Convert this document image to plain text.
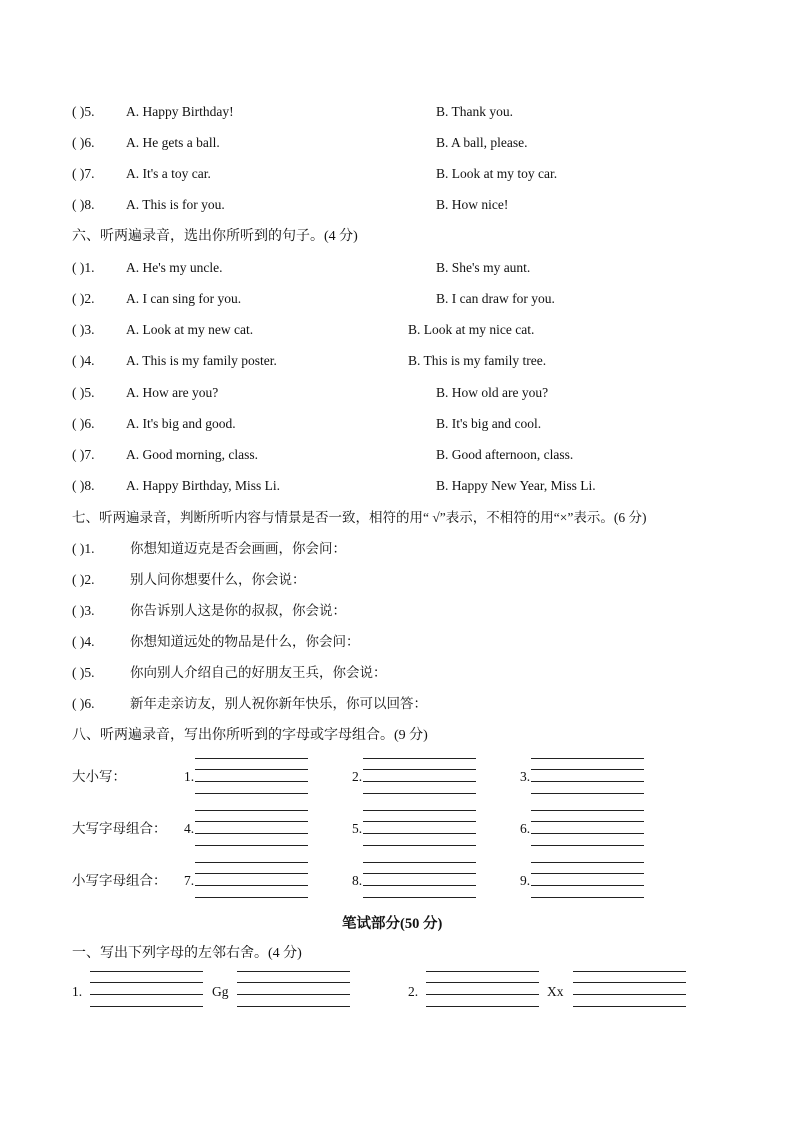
( )5. A. Happy Birthday!	B. Thank you.
( )6. A. He gets a ball.	B. A ball, please.
( )7. A. It's a toy car.	B. Look at my toy car.
( )8. A. This is for you.	B. How nice!
六、听两遍录音，选出你所听到的句子。(4 分)
( )1. A. He's my uncle.	B. She's my aunt.
( )2. A. I can sing for you.	B. I can draw for you.
( )3. A. Look at my new cat.	B. Look at my nice cat.
( )4. A. This is my family poster.	B. This is my family tree.
( )5. A. How are you?	B. How old are you?
( )6. A. It's big and good.	B. It's big and cool.
( )7. A. Good morning, class.	B. Good afternoon, class.
( )8. A. Happy Birthday, Miss Li.	B. Happy New Year, Miss Li.
七、听两遍录音，判断所听内容与情景是否一致，相符的用“ √”表示，不相符的用“×”表示。(6 分)
( )1.	你想知道迈克是否会画画，你会问：
( )2.	别人问你想要什么，你会说：
( )3.	你告诉别人这是你的叔叔，你会说：
( )4.	你想知道远处的物品是什么，你会问：
( )5.	你向别人介绍自己的好朋友王兵，你会说：
( )6.	新年走亲访友，别人祝你新年快乐，你可以回答：
八、听两遍录音，写出你所听到的字母或字母组合。(9 分)
大小写：	1.	2.	3.
大写字母组合： 4.	5.	6.
小写字母组合： 7.	8.	9.
笔试部分(50 分)
一、写出下列字母的左邻右舍。(4 分)
1.	Gg	2.	Xx
